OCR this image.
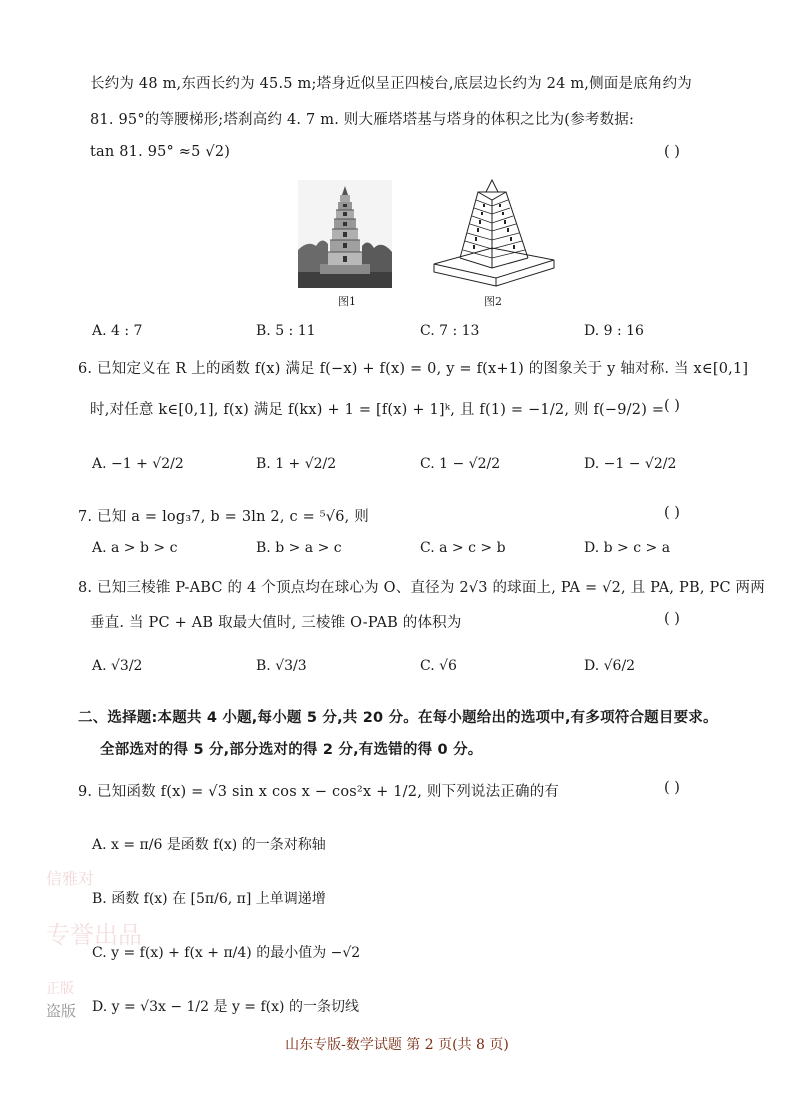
长约为 48 m,东西长约为 45.5 m;塔身近似呈正四棱台,底层边长约为 24 m,侧面是底角约为
81. 95°的等腰梯形;塔刹高约 4. 7 m. 则大雁塔塔基与塔身的体积之比为(参考数据:
tan 81. 95° ≈5 √2)	( )
图1	图2
A. 4 : 7	B. 5 : 11	C. 7 : 13	D. 9 : 16
6. 已知定义在 R 上的函数 f(x) 满足 f(−x) + f(x) = 0, y = f(x+1) 的图象关于 y 轴对称. 当 x∈[0,1]
时,对任意 k∈[0,1], f(x) 满足 f(kx) + 1 = [f(x) + 1]ᵏ, 且 f(1) = −1/2, 则 f(−9/2) = ( )
A. −1 + √2/2	B. 1 + √2/2	C. 1 − √2/2	D. −1 − √2/2
7. 已知 a = log₃7, b = 3ln 2, c = ⁵√6, 则	( )
A. a > b > c	B. b > a > c	C. a > c > b	D. b > c > a
8. 已知三棱锥 P-ABC 的 4 个顶点均在球心为 O、直径为 2√3 的球面上, PA = √2, 且 PA, PB, PC 两两
垂直. 当 PC + AB 取最大值时, 三棱锥 O-PAB 的体积为	( )
A. √3/2	B. √3/3	C. √6	D. √6/2
二、选择题:本题共 4 小题,每小题 5 分,共 20 分。在每小题给出的选项中,有多项符合题目要求。
全部选对的得 5 分,部分选对的得 2 分,有选错的得 0 分。
9. 已知函数 f(x) = √3 sin x cos x − cos²x + 1/2, 则下列说法正确的有	( )
A. x = π/6 是函数 f(x) 的一条对称轴
B. 函数 f(x) 在 [5π/6, π] 上单调递增
C. y = f(x) + f(x + π/4) 的最小值为 −√2
D. y = √3x − 1/2 是 y = f(x) 的一条切线
信雅对
专誉出品
正版
盗版
山东专版-数学试题 第 2 页(共 8 页)
